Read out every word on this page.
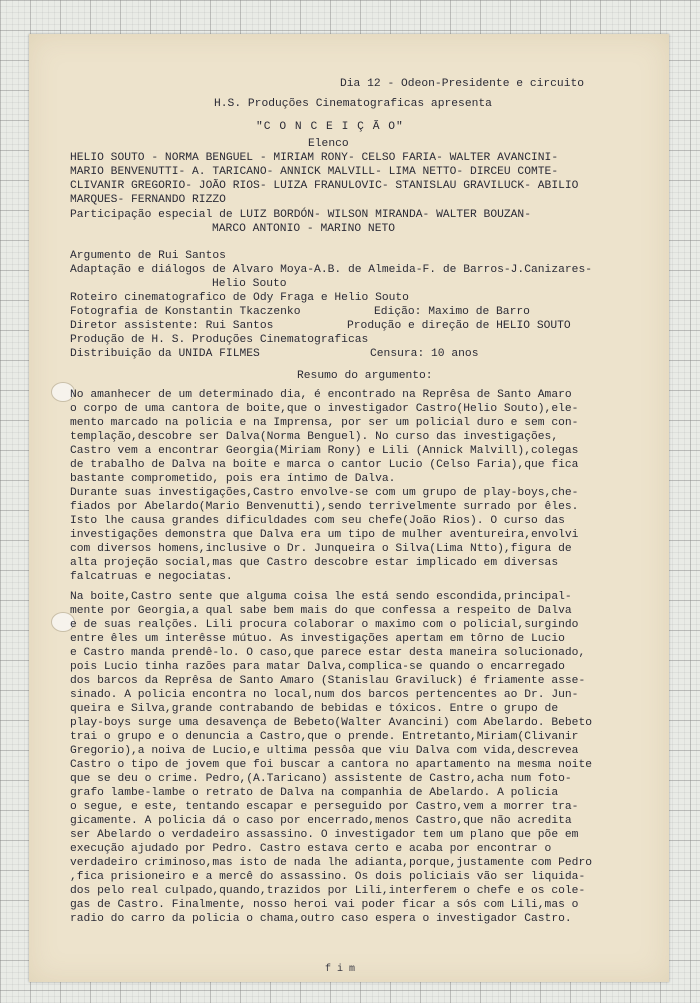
Dia 12 - Odeon-Presidente e circuito
H.S. Produções Cinematograficas apresenta
"C O N C E I Ç Ã O"
Elenco
HELIO SOUTO - NORMA BENGUEL - MIRIAM RONY- CELSO FARIA- WALTER AVANCINI-
MARIO BENVENUTTI- A. TARICANO- ANNICK MALVILL- LIMA NETTO- DIRCEU COMTE-
CLIVANIR GREGORIO- JOÃO RIOS- LUIZA FRANULOVIC- STANISLAU GRAVILUCK- ABILIO
MARQUES- FERNANDO RIZZO
Participação especial de LUIZ BORDÓN- WILSON MIRANDA- WALTER BOUZAN-
MARCO ANTONIO - MARINO NETO
Argumento de Rui Santos
Adaptação e diálogos de Alvaro Moya-A.B. de Almeida-F. de Barros-J.Canizares-
Helio Souto
Roteiro cinematografico de Ody Fraga e Helio Souto
Fotografia de Konstantin Tkaczenko	Edição: Maximo de Barro
Diretor assistente: Rui Santos	Produção e direção de HELIO SOUTO
Produção de H. S. Produções Cinematograficas
Distribuição da UNIDA FILMES	Censura: 10 anos
Resumo do argumento:
No amanhecer de um determinado dia, é encontrado na Reprêsa de Santo Amaro
o corpo de uma cantora de boite,que o investigador Castro(Helio Souto),ele-
mento marcado na policia e na Imprensa, por ser um policial duro e sem con-
templação,descobre ser Dalva(Norma Benguel). No curso das investigações,
Castro vem a encontrar Georgia(Miriam Rony) e Lili (Annick Malvill),colegas
de trabalho de Dalva na boite e marca o cantor Lucio (Celso Faria),que fica
bastante comprometido, pois era íntimo de Dalva.
Durante suas investigações,Castro envolve-se com um grupo de play-boys,che-
fiados por Abelardo(Mario Benvenutti),sendo terrivelmente surrado por êles.
Isto lhe causa grandes dificuldades com seu chefe(João Rios). O curso das
investigações demonstra que Dalva era um tipo de mulher aventureira,envolvi
com diversos homens,inclusive o Dr. Junqueira o Silva(Lima Ntto),figura de
alta projeção social,mas que Castro descobre estar implicado em diversas
falcatruas e negociatas.
Na boite,Castro sente que alguma coisa lhe está sendo escondida,principal-
mente por Georgia,a qual sabe bem mais do que confessa a respeito de Dalva
e de suas realções. Lili procura colaborar o maximo com o policial,surgindo
entre êles um interêsse mútuo. As investigações apertam em tôrno de Lucio
e Castro manda prendê-lo. O caso,que parece estar desta maneira solucionado,
pois Lucio tinha razões para matar Dalva,complica-se quando o encarregado
dos barcos da Reprêsa de Santo Amaro (Stanislau Graviluck) é friamente asse-
sinado. A policia encontra no local,num dos barcos pertencentes ao Dr. Jun-
queira e Silva,grande contrabando de bebidas e tóxicos. Entre o grupo de
play-boys surge uma desavença de Bebeto(Walter Avancini) com Abelardo. Bebeto
trai o grupo e o denuncia a Castro,que o prende. Entretanto,Miriam(Clivanir
Gregorio),a noiva de Lucio,e ultima pessôa que viu Dalva com vida,descrevea
Castro o tipo de jovem que foi buscar a cantora no apartamento na mesma noite
que se deu o crime. Pedro,(A.Taricano) assistente de Castro,acha num foto-
grafo lambe-lambe o retrato de Dalva na companhia de Abelardo. A policia
o segue, e este, tentando escapar e perseguido por Castro,vem a morrer tra-
gicamente. A policia dá o caso por encerrado,menos Castro,que não acredita
ser Abelardo o verdadeiro assassino. O investigador tem um plano que põe em
execução ajudado por Pedro. Castro estava certo e acaba por encontrar o
verdadeiro criminoso,mas isto de nada lhe adianta,porque,justamente com Pedro
,fica prisioneiro e a mercê do assassino. Os dois policiais vão ser liquida-
dos pelo real culpado,quando,trazidos por Lili,interferem o chefe e os cole-
gas de Castro. Finalmente, nosso heroi vai poder ficar a sós com Lili,mas o
radio do carro da policia o chama,outro caso espera o investigador Castro.
f i m
